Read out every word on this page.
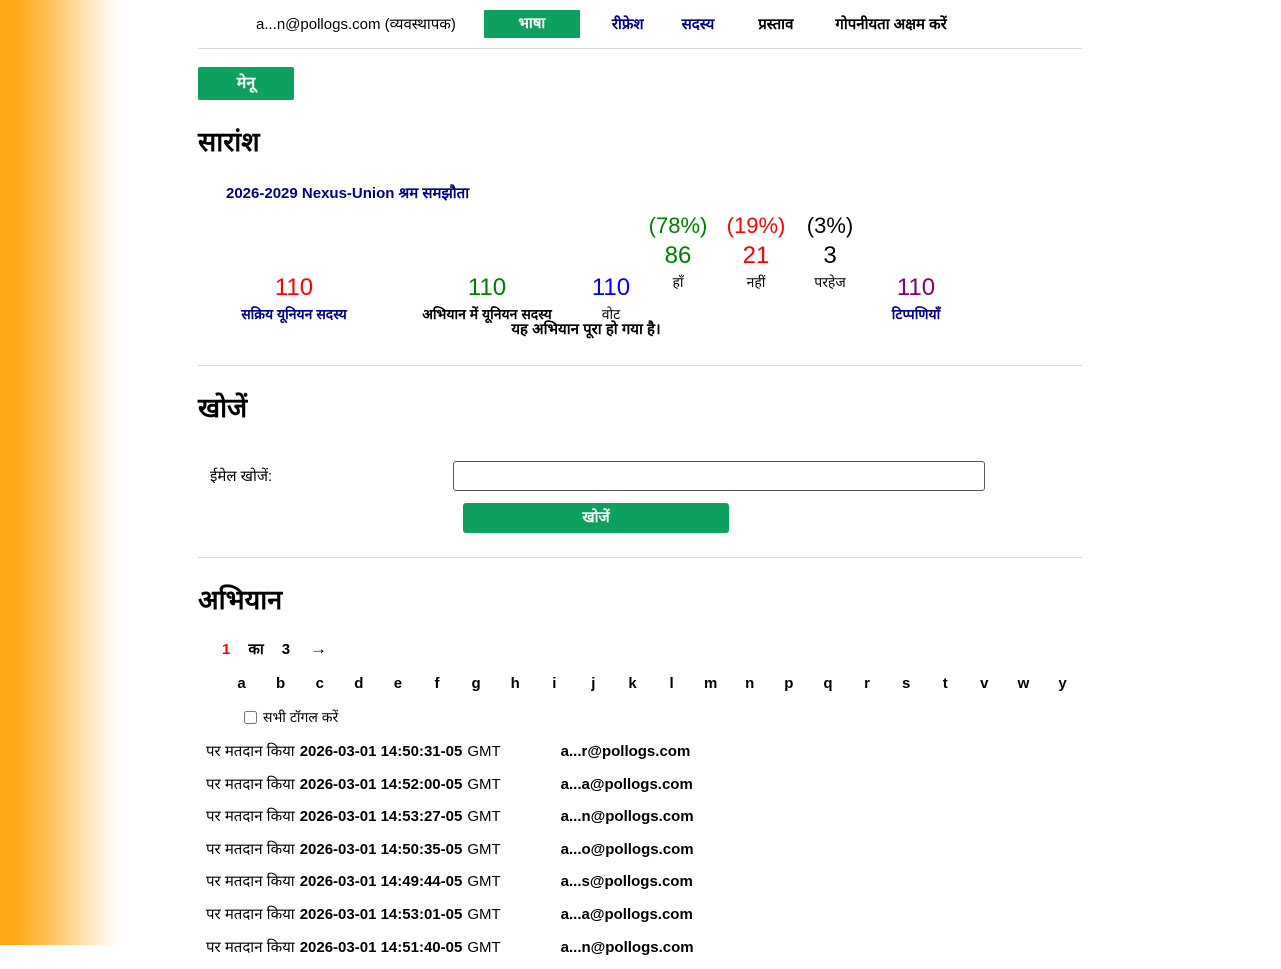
a...n@pollogs.com (व्यवस्थापक)	भाषा	रीफ्रेश	सदस्य	प्रस्ताव	गोपनीयता अक्षम करें
मेनू
सारांश
2026-2029 Nexus-Union श्रम समझौता
110
सक्रिय यूनियन सदस्य
110
अभियान में यूनियन सदस्य
110
वोट
(78%)
86
हाँ
(19%)
21
नहीं
(3%)
3
परहेज	110
टिप्पणियाँ
यह अभियान पूरा हो गया है।
खोजें
ईमेल खोजें:
खोजें
अभियान
1 का 3 →
a	b	c	d	e	f	g	h	i	j	k	l	m	n	p	q	r	s	t	v	w	y
सभी टॉगल करें
पर मतदान किया 2026-03-01 14:50:31-05 GMT	a...r@pollogs.com
पर मतदान किया 2026-03-01 14:52:00-05 GMT	a...a@pollogs.com
पर मतदान किया 2026-03-01 14:53:27-05 GMT	a...n@pollogs.com
पर मतदान किया 2026-03-01 14:50:35-05 GMT	a...o@pollogs.com
पर मतदान किया 2026-03-01 14:49:44-05 GMT	a...s@pollogs.com
पर मतदान किया 2026-03-01 14:53:01-05 GMT	a...a@pollogs.com
पर मतदान किया 2026-03-01 14:51:40-05 GMT	a...n@pollogs.com
